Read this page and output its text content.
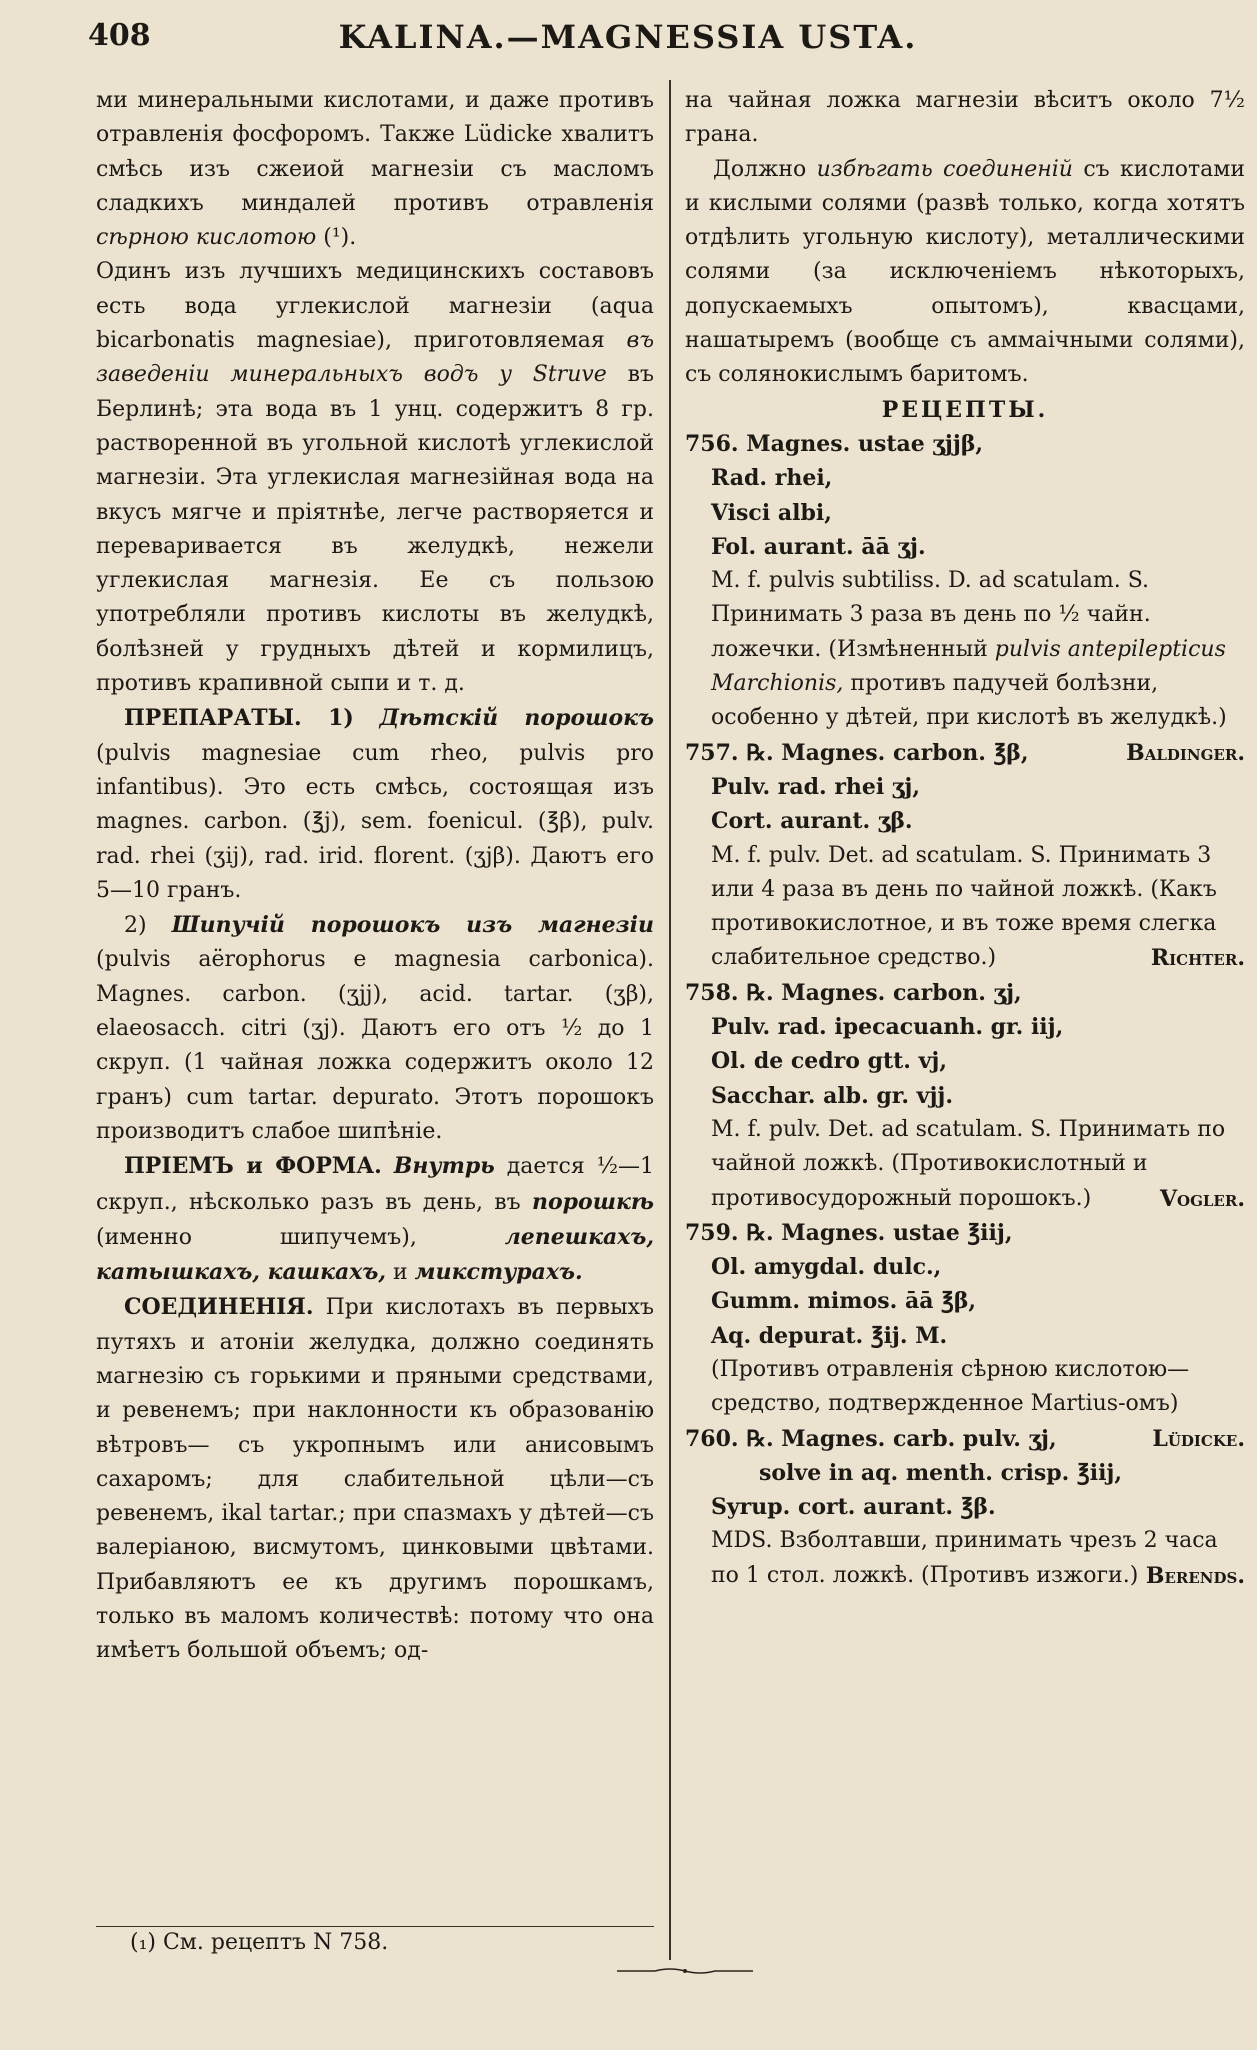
408	KALINA.—MAGNESSIA USTA.

ми минеральными кислотами, и даже противъ отравленія фосфоромъ. Также Lüdicke хвалитъ смѣсь изъ сжеиой магнезіи съ масломъ сладкихъ миндалей противъ отравленія сѣрною кислотою (¹).

Одинъ изъ лучшихъ медицинскихъ составовъ есть вода углекислой магнезіи (aqua bicarbonatis magnesiae), приготовляемая въ заведеніи минеральныхъ водъ у Struve въ Берлинѣ; эта вода въ 1 унц. содержитъ 8 гр. растворенной въ угольной кислотѣ углекислой магнезіи. Эта углекислая магнезійная вода на вкусъ мягче и пріятнѣе, легче растворяется и переваривается въ желудкѣ, нежели углекислая магнезія. Ее съ пользою употребляли противъ кислоты въ желудкѣ, болѣзней у грудныхъ дѣтей и кормилицъ, противъ крапивной сыпи и т. д.

ПРЕПАРАТЫ. 1) Дѣтскій порошокъ (pulvis magnesiae cum rheo, pulvis pro infantibus). Это есть смѣсь, состоящая изъ magnes. carbon. (℥j), sem. foenicul. (℥β), pulv. rad. rhei (ʒij), rad. irid. florent. (ʒjβ). Даютъ его 5—10 гранъ.

2) Шипучій порошокъ изъ магнезіи (pulvis aërophorus e magnesia carbonica). Magnes. carbon. (ʒjj), acid. tartar. (ʒβ), elaeosacch. citri (ʒj). Даютъ его отъ ½ до 1 скруп. (1 чайная ложка содержитъ около 12 гранъ) cum tartar. depurato. Этотъ порошокъ производитъ слабое шипѣніе.

ПРІЕМЪ и ФОРМА. Внутрь дается ½—1 скруп., нѣсколько разъ въ день, въ порошкѣ (именно шипучемъ),	лепешкахъ, катышкахъ, кашкахъ, и микстурахъ.

СОЕДИНЕНІЯ. При кислотахъ въ первыхъ путяхъ и атоніи желудка, должно соединять магнезію съ горькими и пряными средствами, и ревенемъ; при наклонности къ образованію вѣтровъ— съ укропнымъ или анисовымъ сахаромъ; для слабительной цѣли—съ ревенемъ, ikal tartar.; при спазмахъ у дѣтей—съ валеріаною, висмутомъ, цинковыми цвѣтами. Прибавляютъ ее къ другимъ порошкамъ, только въ маломъ количествѣ: потому что она имѣетъ большой объемъ; од-

на чайная ложка магнезіи вѣситъ около 7½ грана.

Должно избѣгать соединеній съ кислотами и кислыми солями (развѣ только, когда хотятъ отдѣлить угольную кислоту), металлическими солями (за исключеніемъ нѣкоторыхъ, допускаемыхъ опытомъ), квасцами, нашатыремъ (вообще съ аммаічными солями), съ солянокислымъ баритомъ.

РЕЦЕПТЫ.

756. Magnes. ustae ʒjjβ,

Rad. rhei,

Visci albi,

Fol. aurant. āā ʒj.

M. f. pulvis subtiliss. D. ad scatulam. S. Принимать 3 раза въ день по ½ чайн. ложечки. (Измѣненный pulvis antepilepticus Marchionis, противъ падучей болѣзни, особенно у дѣтей, при кислотѣ въ желудкѣ.)
Baldinger.

757. ℞. Magnes. carbon. ℥β,

Pulv. rad. rhei ʒj,

Cort. aurant. ʒβ.

M. f. pulv. Det. ad scatulam. S. Принимать 3 или 4 раза въ день по чайной ложкѣ. (Какъ противокислотное, и въ тоже время слегка слабительное средство.)	Richter.

758. ℞. Magnes. carbon. ʒj,

Pulv. rad. ipecacuanh. gr. iij,

Ol. de cedro gtt. vj,

Sacchar. alb. gr. vjj.

M. f. pulv. Det. ad scatulam. S. Принимать по чайной ложкѣ. (Противокислотный и противосудорожный порошокъ.)	Vogler.

759. ℞. Magnes. ustae ℥iij,

Ol. amygdal. dulc.,

Gumm. mimos. āā ℥β,

Aq. depurat. ℥ij. M.

(Противъ отравленія сѣрною кислотою—средство, подтвержденное Martius-омъ)
Lüdicke.

760. ℞. Magnes. carb. pulv. ʒj,

solve in aq. menth. crisp. ℥iij,

Syrup. cort. aurant. ℥β.

MDS. Взболтавши, принимать чрезъ 2 часа по 1 стол. ложкѣ. (Противъ изжоги.) Berends.

(₁) См. рецептъ N 758.
